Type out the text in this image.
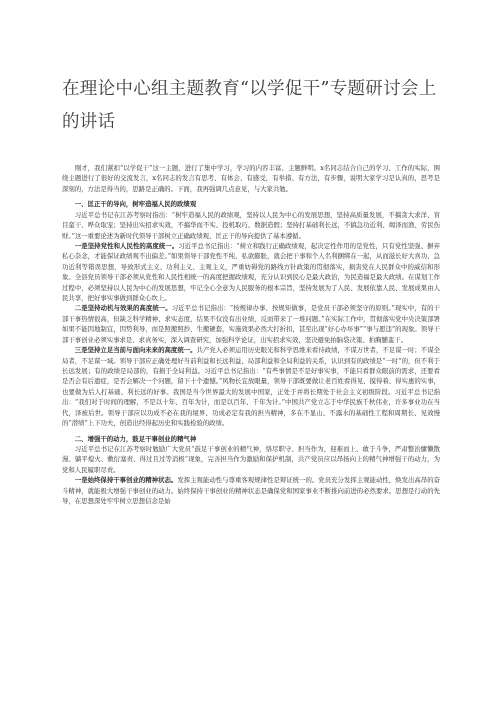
在理论中心组主题教育“以学促干”专题研讨会上的讲话

刚才，我们紧扣“以学促干”这一主题，进行了集中学习，学习的内容丰富、主题鲜明。x名同志结合自己的学习、工作的实际，围绕主题进行了很好的交流发言，x名同志的发言有思考、有体会、有感受，有举措、有方法，有步骤，说明大家学习是认真的，思考是深刻的，方法是得当的，思路是正确的。下面，我再强调几点意见，与大家共勉。

一、匡正干的导向，树牢造福人民的政绩观

习近平总书记在江苏考察时指出：“树牢造福人民的政绩观，坚持以人民为中心的发展思想，坚持高质量发展，不搞贪大求洋、盲目蛮干、哗众取宠；坚持出实招求实效，不搞华而不实、投机取巧、数据造假；坚持打基础利长远，不搞急功近利、竭泽而渔、劳民伤财。”这一重要论述为新时代领导干部树立正确政绩观、匡正干的导向提供了基本遵循。

一是坚持党性和人民性的高度统一。习近平总书记指出：“树立和践行正确政绩观，起决定性作用的是党性，只有党性坚强、摒弃私心杂念，才能保证政绩观不出偏差。”如果领导干部党性不纯、私欲膨胀，就会把干事和个人名利捆绑在一起，从而滋长好大喜功、急功近利等错误思想，导致形式主义、功利主义、主观主义，严重妨碍党的路线方针政策的贯彻落实，损害党在人民群众中的威信和形象。全县党员领导干部必须从党性和人民性相统一的高度把握政绩观，充分认识到民心是最大政治，为民造福是最大政绩。在谋划工作过程中，必须坚持以人民为中心的发展思想，牢记全心全意为人民服务的根本宗旨，坚持发展为了人民、发展依靠人民、发展成果由人民共享，把好事实事做到群众心坎上。

二是坚持动机与效果的高度统一。习近平总书记指出：“按规律办事、按规矩做事，是党员干部必须坚守的原则。”现实中，有的干部干事热情很高，但缺乏科学精神、求实态度，结果不仅没有出业绩，反而带来了一堆问题。”在实际工作中，贯彻落实党中央决策部署如果不能因地制宜，因势利导，而是照搬照抄、生搬硬套，实施效果必然大打折扣，甚至出现“好心办坏事”“事与愿违”的现象。领导干部干事创业必须实事求是、求真务实，深入调查研究，加强科学论证，出实招求实效，坚决避免拍脑袋决策、拍胸脯蛮干。

三是坚持立足当前与面向未来的高度统一。共产党人必须运用历史眼光和科学思维来看待政绩，不谋万世者，不足谋一时；不谋全局者，不足谋一域。领导干部应正确处理好当前利益和长远利益、局部利益和全局利益的关系，认识到有的政绩是“一时”的，但不利于长远发展；有的政绩是局部的，有损于全局利益。习近平总书记指出：“有些事情是不是好事实事，不能只看群众眼前的需求，还要看是否会有后遗症，是否会解决一个问题，留下十个遗憾。”风物长宜放眼量，领导干部既要做让老百姓看得见、摸得着、得实惠的实事，也要做为后人打基础、利长远的好事。我国是当今世界最大的发展中国家，正处于并将长期处于社会主义初级阶段。习近平总书记指出：“我们对于时间的理解，不是以十年、百年为计，而是以百年、千年为计。”中国共产党立志于中华民族千秋伟业，许多事业功在当代，泽被后世。领导干部应以功成不必在我的境界、功成必定有我的担当精神，多在不显山、不露水的基础性工程和周期长、见效慢的“潜绩”上下功夫，创造出经得起历史和实践检验的政绩。

二、增强干的动力，鼓足干事创业的精气神

习近平总书记在江苏考察时勉励广大党员“鼓足干事创业的精气神，恪尽职守、担当作为，迎难而上、敢于斗争，严肃整治慵懒散漫、躺平熄火、敷衍塞责、得过且过等消极“现象，完善担当作为激励和保护机制，共产党员应以昂扬向上的精气神增强干的动力，为党和人民履职尽责。

一是始终保持干事创业的精神状态。发挥主观能动性与尊重客观规律性是辩证统一的。党员充分发挥主观能动性，焕发出高昂的奋斗精神，就能极大增强干事创业的动力。始终保持干事创业的精神状态是确保党和国家事业不断推向前进的必然要求。思想是行动的先导，在思想深处牢牢树立思想信念是始
